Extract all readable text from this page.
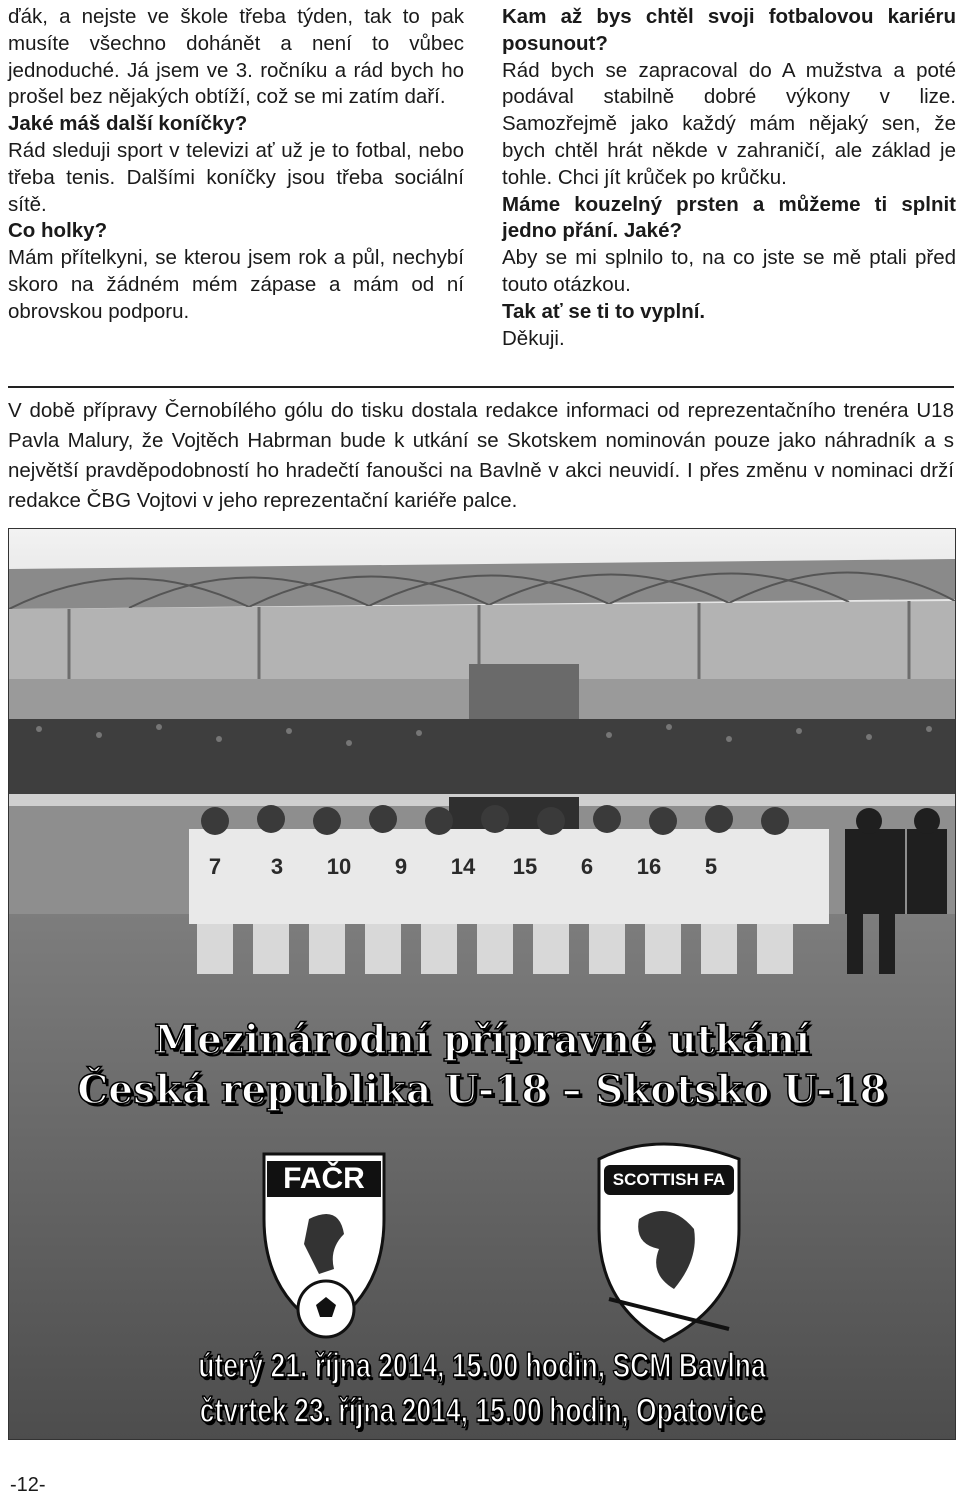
ďák, a nejste ve škole třeba týden, tak to pak musíte všechno dohánět a není to vůbec jednoduché. Já jsem ve 3. ročníku a rád bych ho prošel bez nějakých obtíží, což se mi zatím daří.

Jaké máš další koníčky?

Rád sleduji sport v televizi ať už je to fotbal, nebo třeba tenis. Dalšími koníčky jsou třeba sociální sítě.

Co holky?

Mám přítelkyni, se kterou jsem rok a půl, nechybí skoro na žádném mém zápase a mám od ní obrovskou podporu.

Kam až bys chtěl svoji fotbalovou kariéru posunout?

Rád bych se zapracoval do A mužstva a poté podával stabilně dobré výkony v lize. Samozřejmě jako každý mám nějaký sen, že bych chtěl hrát někde v zahraničí, ale základ je tohle. Chci jít krůček po krůčku.

Máme kouzelný prsten a můžeme ti splnit jedno přání. Jaké?

Aby se mi splnilo to, na co jste se mě ptali před touto otázkou.

Tak ať se ti to vyplní.

Děkuji.

V době přípravy Černobílého gólu do tisku dostala redakce informaci od reprezentačního trenéra U18 Pavla Malury, že Vojtěch Habrman bude k utkání se Skotskem nominován pouze jako náhradník a s největší pravděpodobností ho hradečtí fanoušci na Bavlně v akci neuvidí. I přes změnu v nominaci drží redakce ČBG Vojtovi v jeho reprezentační kariéře palce.

7 3 10 9 14 15 6 16 5
Mezinárodní přípravné utkání
Česká republika U-18 – Skotsko U-18
FAČR	SCOTTISH FA
úterý 21. října 2014, 15.00 hodin, SCM Bavlna
čtvrtek 23. října 2014, 15.00 hodin, Opatovice
-12-
